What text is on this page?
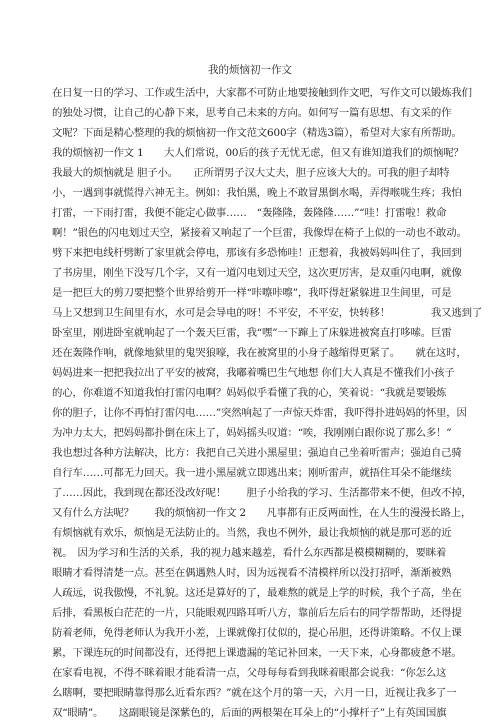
我的烦恼初一作文
在日复一日的学习、工作或生活中，大家都不可防止地要接触到作文吧，写作文可以锻炼我们
的独处习惯，让自己的心静下来，思考自己未来的方向。如何写一篇有思想、有文采的作
文呢？下面是精心整理的我的烦恼初一作文范文600字（精选3篇），希望对大家有所帮助。
我的烦恼初一作文 1　　大人们常说，00后的孩子无忧无虑，但又有谁知道我们的烦恼呢？
我最大的烦恼就是 胆子小。　　正所谓男子汉大丈夫，胆子应该大大的。可我的胆子却特
小，一遇到事就慌得六神无主。例如：我怕黑，晚上不敢冒黑倒水喝，弄得喉咙生疼；我怕
打雷，一下雨打雷，我便不能定心做事……　“轰隆隆，轰隆隆……”“哇！打雷啦！救命
啊！”银色的闪电划过天空，紧接着又响起了一个巨雷，我像焊在椅子上似的一动也不敢动。
劈下来把电线杆劈断了家里就会停电，那该有多恐怖哇！正想着，我被妈妈叫住了，我回到
了书房里，刚坐下没写几个字，又有一道闪电划过天空，这次更厉害，是双重闪电啊，就像
是一把巨大的剪刀要把整个世界给剪开一样“咔嚓咔嚓”，我吓得赶紧躲进卫生间里，可是
马上又想到卫生间里有水，水可是会导电的呀！不平安，不平安，快转移！　　　　我又逃到了
卧室里，刚进卧室就响起了一个轰天巨雷，我“嘿”一下蹿上了床躲进被窝直打哆嗦。巨雷
还在轰隆作响，就像地狱里的鬼哭狼嚎，我在被窝里的小身子越缩得更紧了。　　就在这时，
妈妈进来一把把我拉出了平安的被窝，我嘟着嘴巴生气地想 你们大人真是不懂我们小孩子
的心，你难道不知道我怕打雷闪电啊？妈妈似乎看懂了我的心，笑着说：“我就是要锻炼
你的胆子，让你不再怕打雷闪电……”突然响起了一声惊天炸雷，我吓得扑进妈妈的怀里，因
为冲力太大，把妈妈都扑倒在床上了，妈妈摇头叹道：“唉，我刚刚白跟你说了那么多！”
我也想过各种方法解决，比方：我把自己关进小黑屋里；强迫自己坐着听雷声；强迫自己骑
自行车……可都无力回天。我一进小黑屋就立即逃出来；刚听雷声，就捂住耳朵不能继续
了……因此，我到现在都还没改好呢！　　胆子小给我的学习、生活都带来不便，但改不掉，
又有什么方法呢？　　我的烦恼初一作文 2　　凡事都有正反两面性，在人生的漫漫长路上，
有烦恼就有欢乐，烦恼是无法防止的。当然，我也不例外，最让我烦恼的就是那可恶的近
视。　因为学习和生活的关系，我的视力越来越差，看什么东西都是模模糊糊的，要眯着
眼睛才看得清楚一点。甚至在偶遇熟人时，因为远视看不清模样所以没打招呼，渐渐被熟
人疏远，说我傲慢，不礼貌。这还是算好的了，最难熬的就是上学的时候，我个子高，坐在
后排，看黑板白茫茫的一片，只能眼观四路耳听八方，靠前后左后右的同学帮帮助，还得提
防着老师，免得老师认为我开小差，上课就像打仗似的，提心吊胆，还得讲策略。不仅上课
累，下课连玩的时间都没有，还得把上课遗漏的笔记补回来，一天下来，心身都疲惫不堪。
在家看电视，不得不眯着眼才能看清一点，父母每每看到我眯着眼都会说我：“你怎么这
么瞎啊，要把眼睛靠得那么近看东西？”就在这个月的第一天，六月一日，近视让我多了一
双“眼睛”。　　这副眼镜是深紫色的，后面的两根架在耳朵上的“小撑杆子”上有英国国旗
